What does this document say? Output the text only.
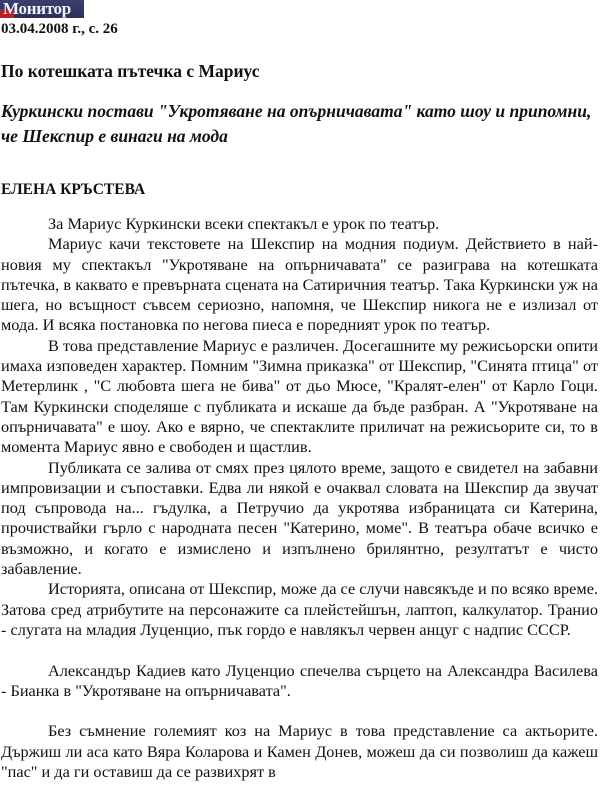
Монитор
03.04.2008 г., с. 26
По котешката пътечка с Мариус
Куркински постави "Укротяване на опърничавата" като шоу и припомни, че Шекспир е винаги на мода
ЕЛЕНА КРЪСТЕВА

За Мариус Куркински всеки спектакъл е урок по театър.

Мариус качи текстовете на Шекспир на модния подиум. Действието в най-новия му спектакъл "Укротяване на опърничавата" се разиграва на котешката пътечка, в каквато е превърната сцената на Сатиричния театър. Така Куркински уж на шега, но всъщност съвсем сериозно, напомня, че Шекспир никога не е излизал от мода. И всяка постановка по негова пиеса е поредният урок по театър.

В това представление Мариус е различен. Досегашните му режисьорски опити имаха изповеден характер. Помним "Зимна приказка" от Шекспир, "Синята птица" от Метерлинк , "С любовта шега не бива" от дьо Мюсе, "Кралят-елен" от Карло Гоци. Там Куркински споделяше с публиката и искаше да бъде разбран. А "Укротяване на опърничавата" е шоу. Ако е вярно, че спектаклите приличат на режисьорите си, то в момента Мариус явно е свободен и щастлив.

Публиката се залива от смях през цялото време, защото е свидетел на забавни импровизации и съпоставки. Едва ли някой е очаквал словата на Шекспир да звучат под съпровода на... гъдулка, а Петручио да укротява избраницата си Катерина, прочиствайки гърло с народната песен "Катерино, моме". В театъра обаче всичко е възможно, и когато е измислено и изпълнено брилянтно, резултатът е чисто забавление.

Историята, описана от Шекспир, може да се случи навсякъде и по всяко време. Затова сред атрибутите на персонажите са плейстейшън, лаптоп, калкулатор. Транио - слугата на младия Луценцио, пък гордо е навлякъл червен анцуг с надпис СССР.

Александър Кадиев като Луценцио спечелва сърцето на Александра Василева - Бианка в "Укротяване на опърничавата".

Без съмнение големият коз на Мариус в това представление са актьорите. Държиш ли аса като Вяра Коларова и Камен Донев, можеш да си позволиш да кажеш "пас" и да ги оставиш да се развихрят в
